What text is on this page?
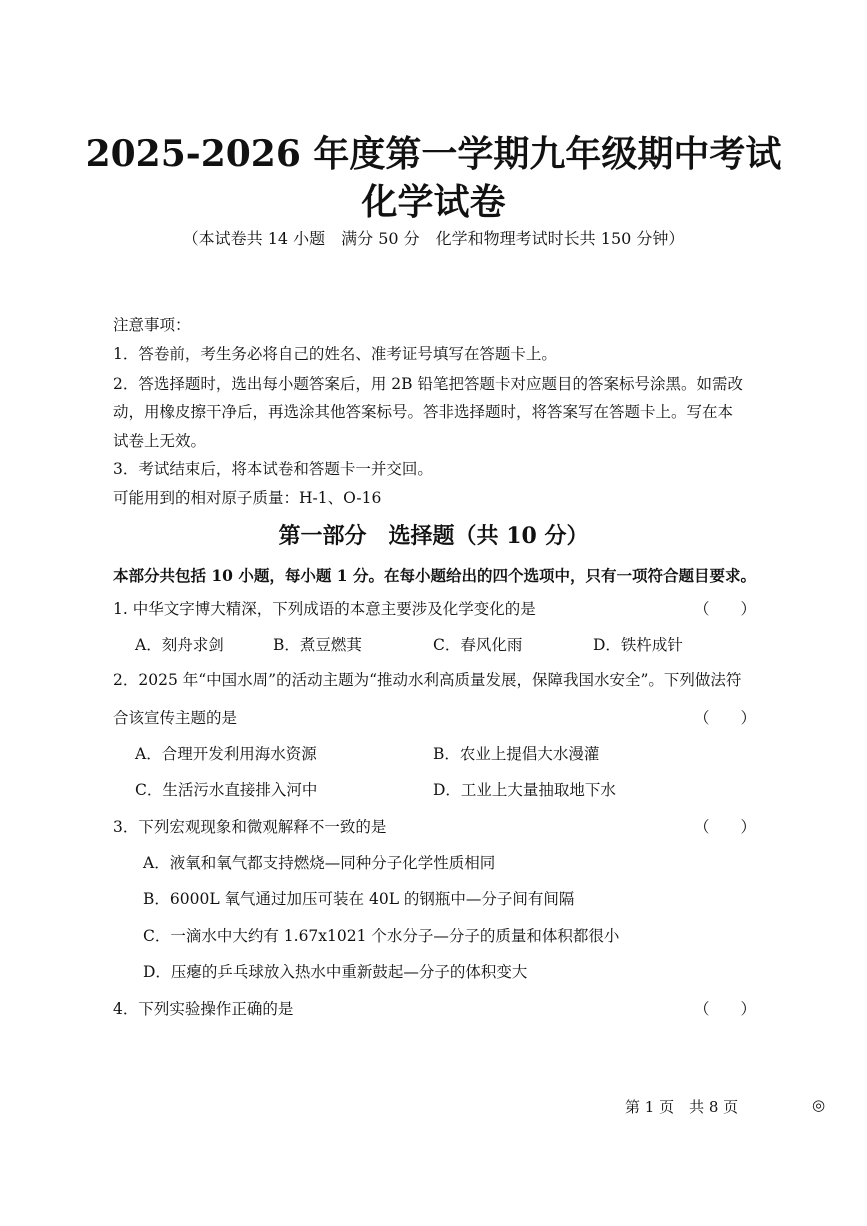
2025-2026 年度第一学期九年级期中考试
化学试卷
（本试卷共 14 小题　满分 50 分　化学和物理考试时长共 150 分钟）
注意事项：
1．答卷前，考生务必将自己的姓名、准考证号填写在答题卡上。
2．答选择题时，选出每小题答案后，用 2B 铅笔把答题卡对应题目的答案标号涂黑。如需改
动，用橡皮擦干净后，再选涂其他答案标号。答非选择题时，将答案写在答题卡上。写在本
试卷上无效。
3．考试结束后，将本试卷和答题卡一并交回。
可能用到的相对原子质量：H-1、O-16
第一部分　选择题（共 10 分）
本部分共包括 10 小题，每小题 1 分。在每小题给出的四个选项中，只有一项符合题目要求。
1. 中华文字博大精深，下列成语的本意主要涉及化学变化的是	（　　）
A．刻舟求剑	B．煮豆燃萁	C．春风化雨	D．铁杵成针
2．2025 年“中国水周”的活动主题为“推动水利高质量发展，保障我国水安全”。下列做法符
合该宣传主题的是	（　　）
A．合理开发利用海水资源	B．农业上提倡大水漫灌
C．生活污水直接排入河中	D．工业上大量抽取地下水
3．下列宏观现象和微观解释不一致的是	（　　）
A．液氧和氧气都支持燃烧—同种分子化学性质相同
B．6000L 氧气通过加压可装在 40L 的钢瓶中—分子间有间隔
C．一滴水中大约有 1.67x1021 个水分子—分子的质量和体积都很小
D．压瘪的乒乓球放入热水中重新鼓起—分子的体积变大
4．下列实验操作正确的是	（　　）
第 1 页　共 8 页	◎
